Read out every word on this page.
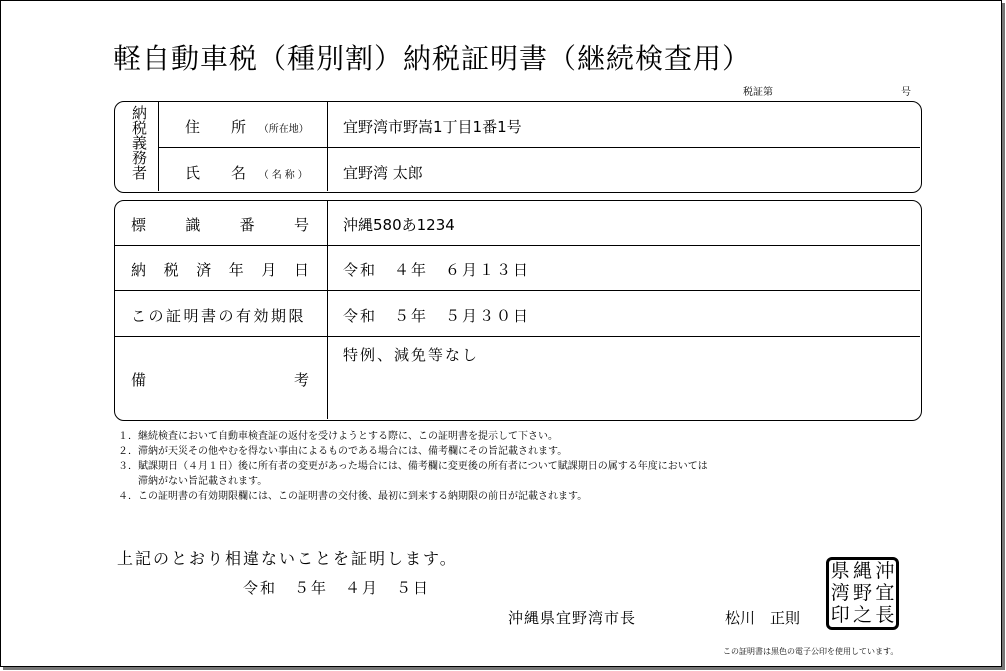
軽自動車税（種別割）納税証明書（継続検査用）
税証第	号
納税義務者 住　所 （所在地） 宜野湾市野嵩1丁目1番1号
氏　名 （名称） 宜野湾 太郎
標	識	番	号 沖縄580あ1234
納 税 済 年 月 日 令和　４年　６月１３日
この証明書の有効期限 令和　５年　５月３０日
備	考
特例、減免等なし
１．継続検査において自動車検査証の返付を受けようとする際に、この証明書を提示して下さい。
２．滞納が天災その他やむを得ない事由によるものである場合には、備考欄にその旨記載されます。
３．賦課期日（４月１日）後に所有者の変更があった場合には、備考欄に変更後の所有者について賦課期日の属する年度においては
　　滞納がない旨記載されます。
４．この証明書の有効期限欄には、この証明書の交付後、最初に到来する納期限の前日が記載されます。
上記のとおり相違ないことを証明します。
令和　５年　４月　５日
沖縄県宜野湾市長	松川　正則
県
湾
印
縄
野
之
沖
宜
長
この証明書は黒色の電子公印を使用しています。
